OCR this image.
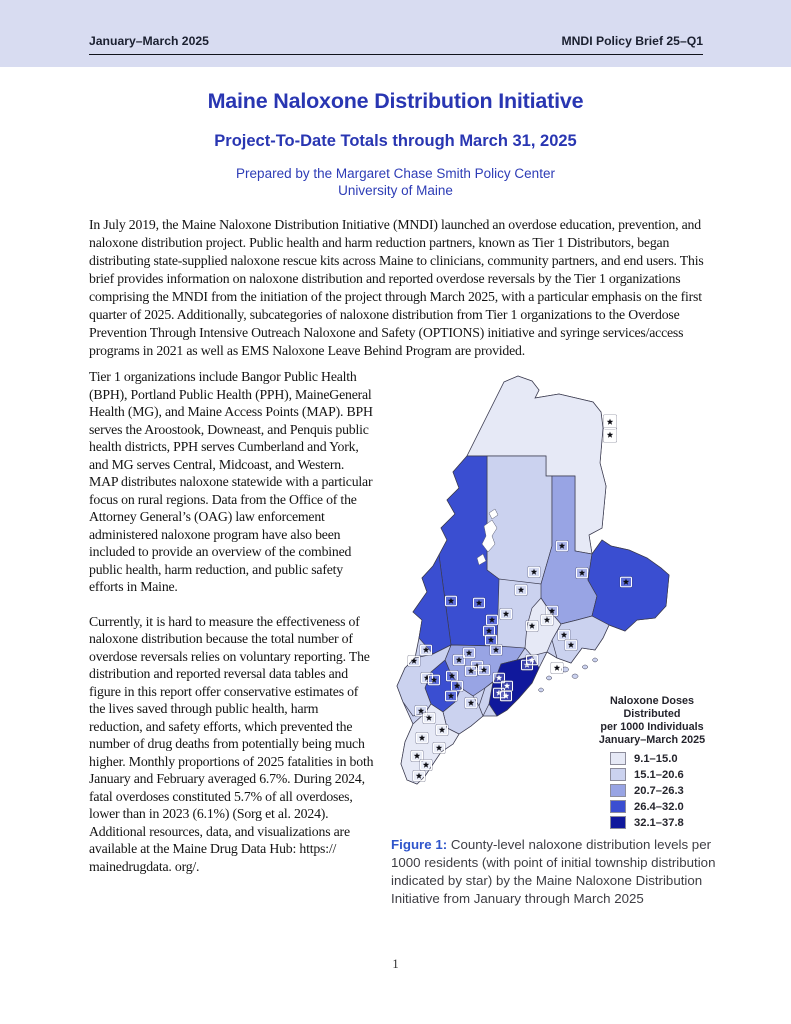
January–March 2025	MNDI Policy Brief 25–Q1
Maine Naloxone Distribution Initiative
Project-To-Date Totals through March 31, 2025
Prepared by the Margaret Chase Smith Policy Center
University of Maine

In July 2019, the Maine Naloxone Distribution Initiative (MNDI) launched an overdose education, prevention, and naloxone distribution project. Public health and harm reduction partners, known as Tier 1 Distributors, began distributing state-supplied naloxone rescue kits across Maine to clinicians, community partners, and end users. This brief provides information on naloxone distribution and reported overdose reversals by the Tier 1 organizations comprising the MNDI from the initiation of the project through March 2025, with a particular emphasis on the first quarter of 2025. Additionally, subcategories of naloxone distribution from Tier 1 organizations to the Overdose Prevention Through Intensive Outreach Naloxone and Safety (OPTIONS) initiative and syringe services/access programs in 2021 as well as EMS Naloxone Leave Behind Program are provided.

Tier 1 organizations include Bangor Public Health (BPH), Portland Public Health (PPH), MaineGeneral Health (MG), and Maine Access Points (MAP). BPH serves the Aroostook, Downeast, and Penquis public health districts, PPH serves Cumberland and York, and MG serves Central, Midcoast, and Western. MAP distributes naloxone statewide with a particular focus on rural regions. Data from the Office of the Attorney General’s (OAG) law enforcement administered naloxone program have also been included to provide an overview of the combined public health, harm reduction, and public safety efforts in Maine.

Currently, it is hard to measure the effectiveness of naloxone distribution because the total number of overdose reversals relies on voluntary reporting. The distribution and reported reversal data tables and figure in this report offer conservative estimates of the lives saved through public health, harm reduction, and safety efforts, which prevented the number of drug deaths from potentially being much higher. Monthly proportions of 2025 fatalities in both January and February averaged 6.7%. During 2024, fatal overdoses constituted 5.7% of all overdoses, lower than in 2023 (6.1%) (Sorg et al. 2024). Additional resources, data, and visualizations are available at the Maine Drug Data Hub: https:// mainedrugdata. org/.

Naloxone Doses Distributed
per 1000 Individuals
January–March 2025
9.1–15.0
15.1–20.6
20.7–26.3
26.4–32.0
32.1–37.8

Figure 1: County-level naloxone distribution levels per 1000 residents (with point of initial township distribution indicated by star) by the Maine Naloxone Distribution Initiative from January through March 2025

1
